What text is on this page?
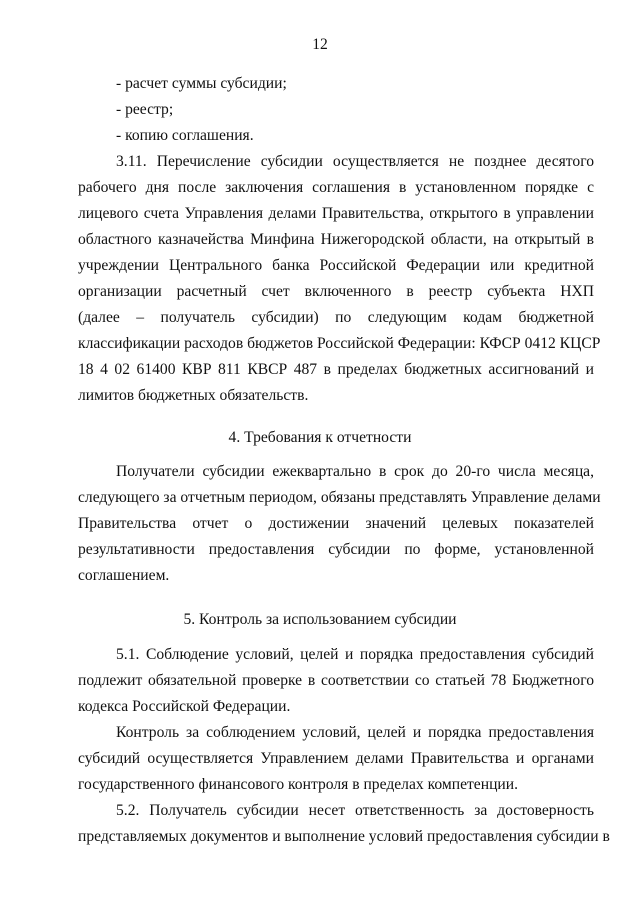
12
- расчет суммы субсидии;
- реестр;
- копию соглашения.
3.11. Перечисление субсидии осуществляется не позднее десятого
рабочего дня после заключения соглашения в установленном порядке с
лицевого счета Управления делами Правительства, открытого в управлении
областного казначейства Минфина Нижегородской области, на открытый в
учреждении Центрального банка Российской Федерации или кредитной
организации расчетный счет включенного в реестр субъекта НХП
(далее – получатель субсидии) по следующим кодам бюджетной
классификации расходов бюджетов Российской Федерации: КФСР 0412 КЦСР
18 4 02 61400 КВР 811 КВСР 487 в пределах бюджетных ассигнований и
лимитов бюджетных обязательств.
4. Требования к отчетности
Получатели субсидии ежеквартально в срок до 20-го числа месяца,
следующего за отчетным периодом, обязаны представлять Управление делами
Правительства отчет о достижении значений целевых показателей
результативности предоставления субсидии по форме, установленной
соглашением.
5. Контроль за использованием субсидии
5.1. Соблюдение условий, целей и порядка предоставления субсидий
подлежит обязательной проверке в соответствии со статьей 78 Бюджетного
кодекса Российской Федерации.
Контроль за соблюдением условий, целей и порядка предоставления
субсидий осуществляется Управлением делами Правительства и органами
государственного финансового контроля в пределах компетенции.
5.2. Получатель субсидии несет ответственность за достоверность
представляемых документов и выполнение условий предоставления субсидии в
